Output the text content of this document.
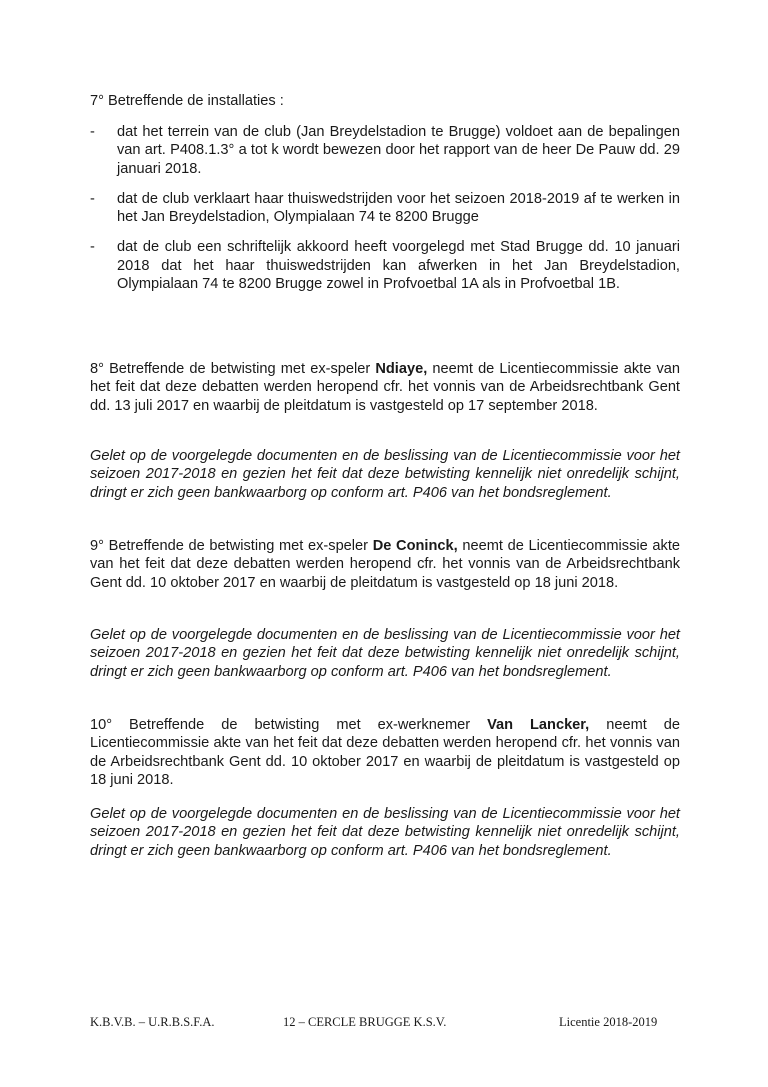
7° Betreffende de installaties :
- dat het terrein van de club (Jan Breydelstadion te Brugge) voldoet aan de bepalingen van art. P408.1.3° a tot k wordt bewezen door het rapport van de heer De Pauw dd. 29 januari 2018.
- dat de club verklaart haar thuiswedstrijden voor het seizoen 2018-2019 af te werken in het Jan Breydelstadion, Olympialaan 74 te 8200 Brugge
- dat de club een schriftelijk akkoord heeft voorgelegd met Stad Brugge dd. 10 januari 2018 dat het haar thuiswedstrijden kan afwerken in het Jan Breydelstadion, Olympialaan 74 te 8200 Brugge zowel in Profvoetbal 1A als in Profvoetbal 1B.
8° Betreffende de betwisting met ex-speler Ndiaye, neemt de Licentiecommissie akte van het feit dat deze debatten werden heropend cfr. het vonnis van de Arbeidsrechtbank Gent dd. 13 juli 2017 en waarbij de pleitdatum is vastgesteld op 17 september 2018.
Gelet op de voorgelegde documenten en de beslissing van de Licentiecommissie voor het seizoen 2017-2018 en gezien het feit dat deze betwisting kennelijk niet onredelijk schijnt, dringt er zich geen bankwaarborg op conform art. P406 van het bondsreglement.
9° Betreffende de betwisting met ex-speler De Coninck, neemt de Licentiecommissie akte van het feit dat deze debatten werden heropend cfr. het vonnis van de Arbeidsrechtbank Gent dd. 10 oktober 2017 en waarbij de pleitdatum is vastgesteld op 18 juni 2018.
Gelet op de voorgelegde documenten en de beslissing van de Licentiecommissie voor het seizoen 2017-2018 en gezien het feit dat deze betwisting kennelijk niet onredelijk schijnt, dringt er zich geen bankwaarborg op conform art. P406 van het bondsreglement.
10° Betreffende de betwisting met ex-werknemer Van Lancker, neemt de Licentiecommissie akte van het feit dat deze debatten werden heropend cfr. het vonnis van de Arbeidsrechtbank Gent dd. 10 oktober 2017 en waarbij de pleitdatum is vastgesteld op 18 juni 2018.
Gelet op de voorgelegde documenten en de beslissing van de Licentiecommissie voor het seizoen 2017-2018 en gezien het feit dat deze betwisting kennelijk niet onredelijk schijnt, dringt er zich geen bankwaarborg op conform art. P406 van het bondsreglement.
K.B.V.B. – U.R.B.S.F.A.	12 – CERCLE BRUGGE K.S.V.	Licentie 2018-2019
